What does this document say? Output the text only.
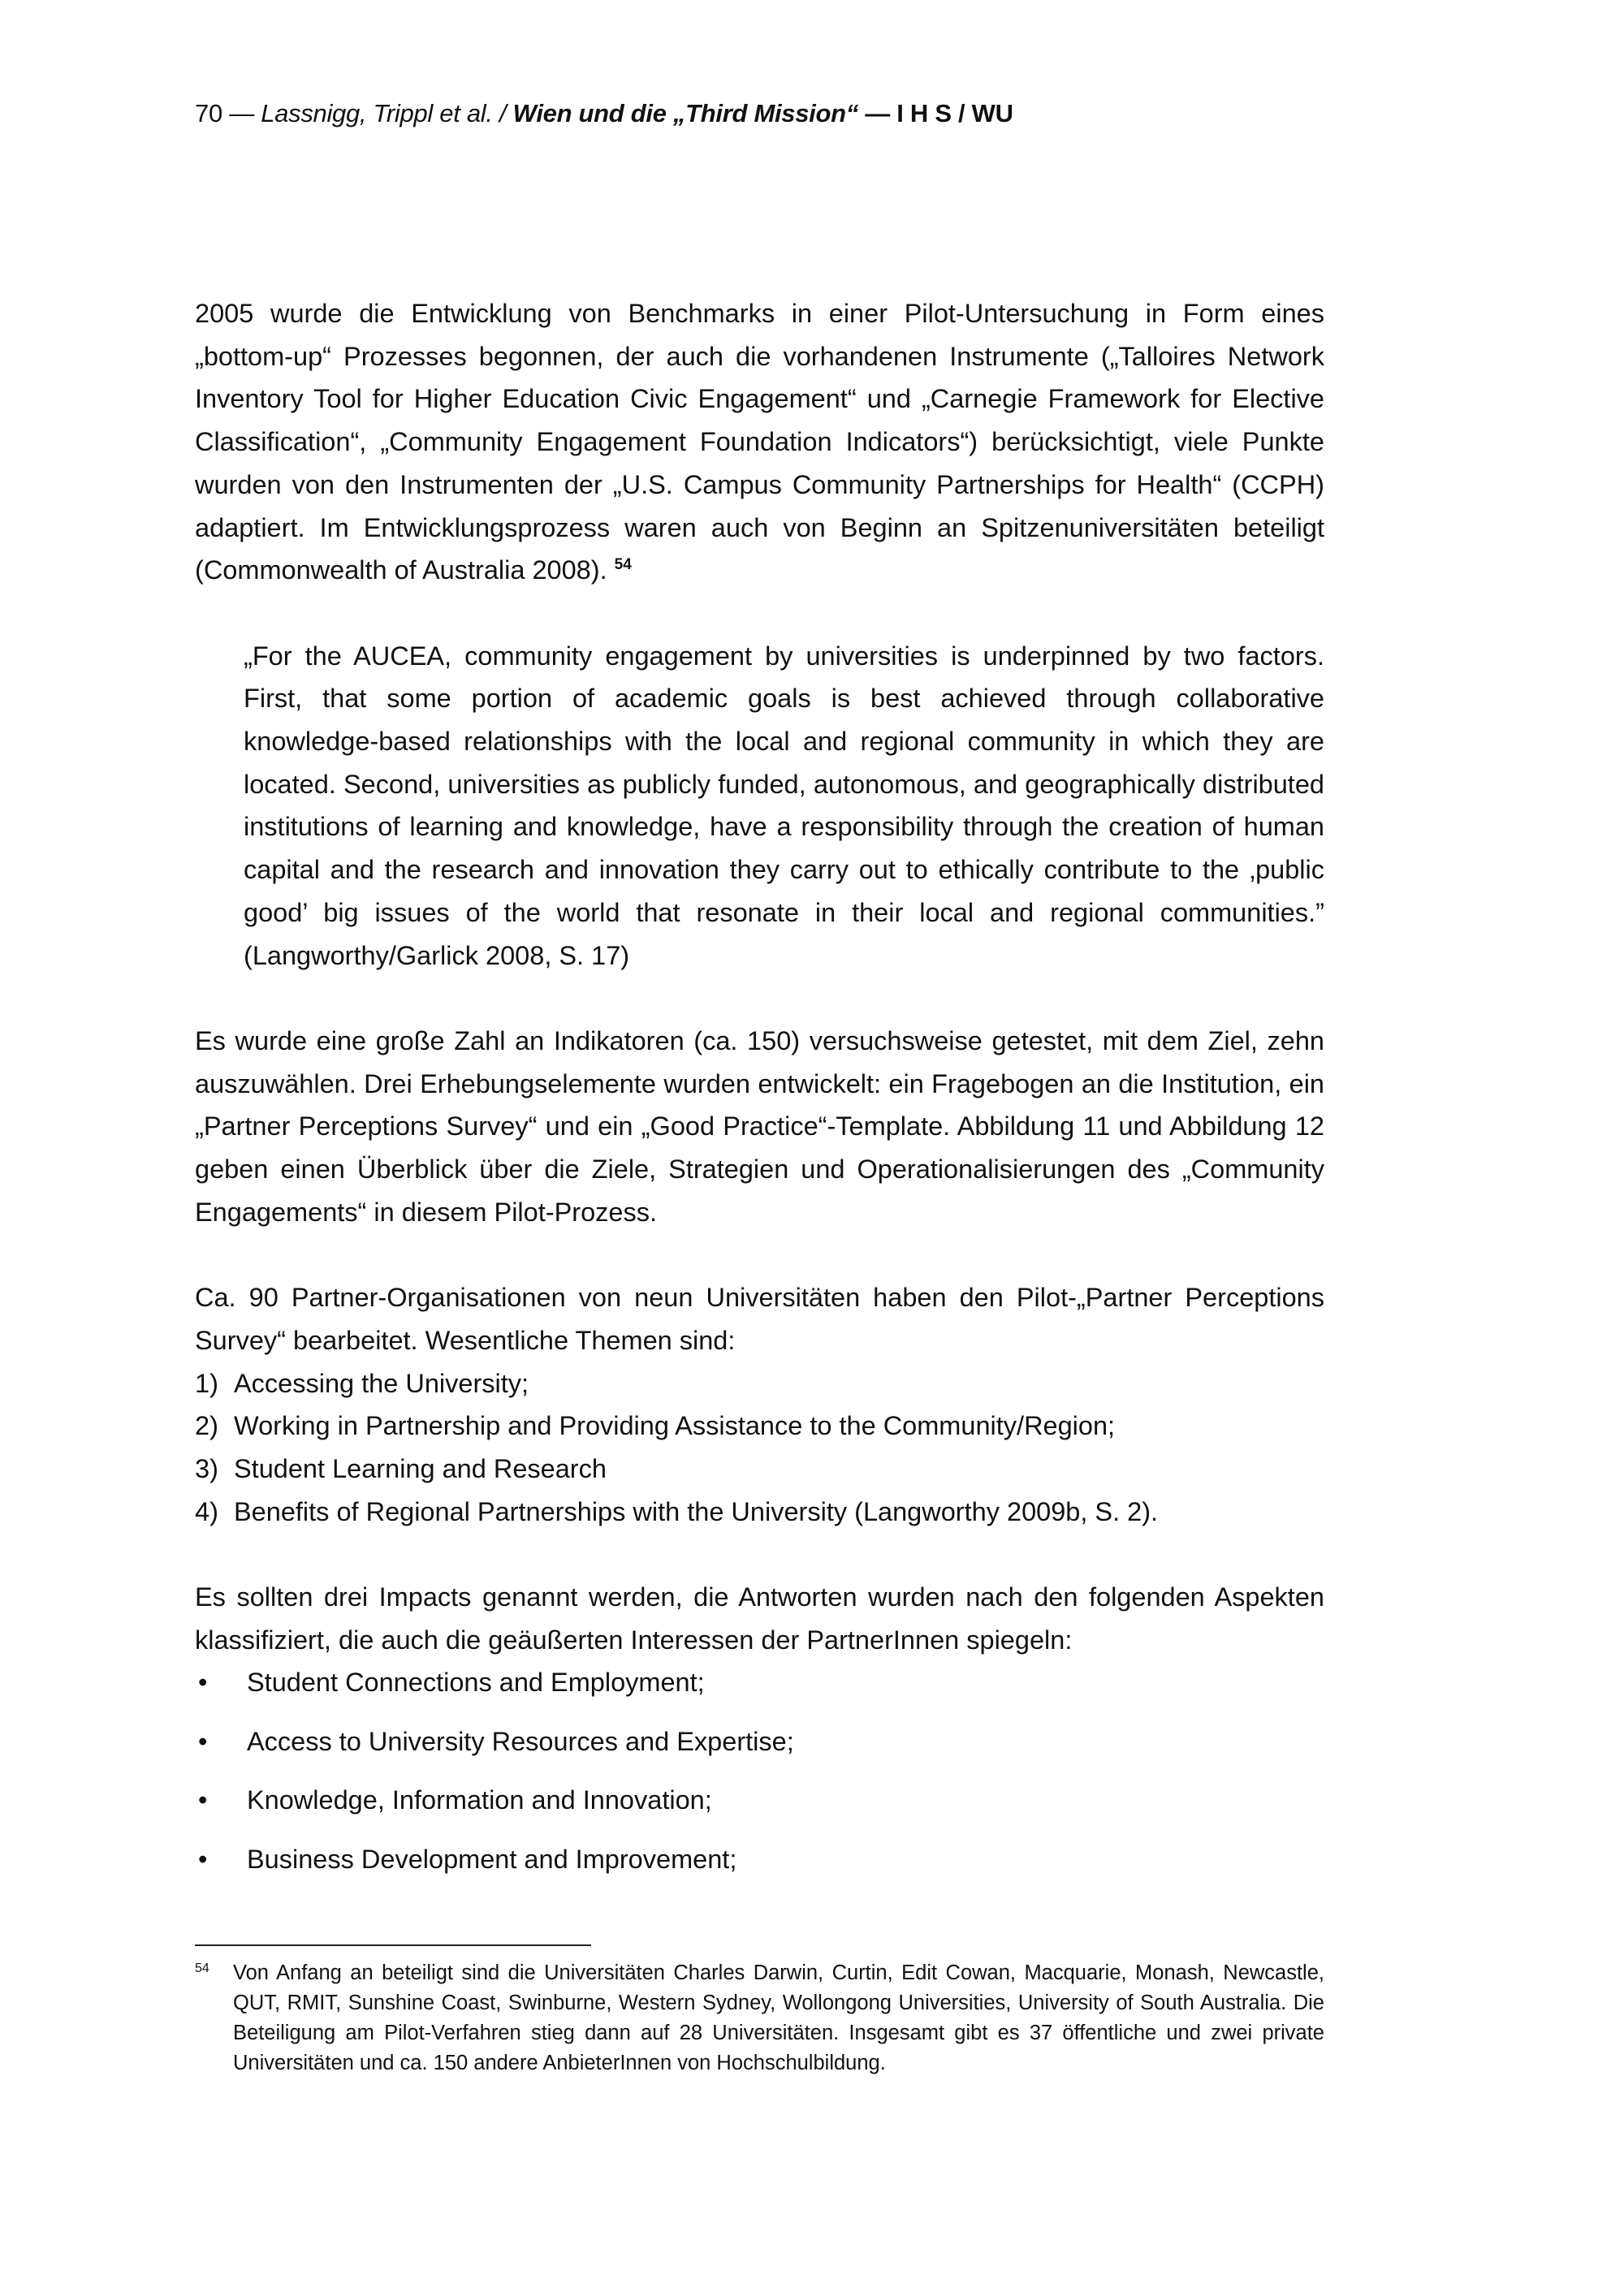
70 — Lassnigg, Trippl et al. / Wien und die „Third Mission“ — I H S / WU

2005 wurde die Entwicklung von Benchmarks in einer Pilot-Untersuchung in Form eines „bottom-up“ Prozesses begonnen, der auch die vorhandenen Instrumente („Talloires Network Inventory Tool for Higher Education Civic Engagement“ und „Carnegie Framework for Elective Classification“, „Community Engagement Foundation Indicators“) berücksichtigt, viele Punkte wurden von den Instrumenten der „U.S. Campus Community Partnerships for Health“ (CCPH) adaptiert. Im Entwicklungsprozess waren auch von Beginn an Spitzenuniversitäten beteiligt (Commonwealth of Australia 2008). $^{54}$

„For the AUCEA, community engagement by universities is underpinned by two factors. First, that some portion of academic goals is best achieved through collaborative knowledge-based relationships with the local and regional community in which they are located. Second, universities as publicly funded, autonomous, and geographically distributed institutions of learning and knowledge, have a responsibility through the creation of human capital and the research and innovation they carry out to ethically contribute to the ‚public good’ big issues of the world that resonate in their local and regional communities.” (Langworthy/Garlick 2008, S. 17)

Es wurde eine große Zahl an Indikatoren (ca. 150) versuchsweise getestet, mit dem Ziel, zehn auszuwählen. Drei Erhebungselemente wurden entwickelt: ein Fragebogen an die Institution, ein „Partner Perceptions Survey“ und ein „Good Practice“-Template. Abbildung 11 und Abbildung 12 geben einen Überblick über die Ziele, Strategien und Operationalisierungen des „Community Engagements“ in diesem Pilot-Prozess.

Ca. 90 Partner-Organisationen von neun Universitäten haben den Pilot-„Partner Perceptions Survey“ bearbeitet. Wesentliche Themen sind:

1) Accessing the University;
2) Working in Partnership and Providing Assistance to the Community/Region;
3) Student Learning and Research
4) Benefits of Regional Partnerships with the University (Langworthy 2009b, S. 2).

Es sollten drei Impacts genannt werden, die Antworten wurden nach den folgenden Aspekten klassifiziert, die auch die geäußerten Interessen der PartnerInnen spiegeln:

•	Student Connections and Employment;
•	Access to University Resources and Expertise;
•	Knowledge, Information and Innovation;
•	Business Development and Improvement;
54 Von Anfang an beteiligt sind die Universitäten Charles Darwin, Curtin, Edit Cowan, Macquarie, Monash, Newcastle, QUT, RMIT, Sunshine Coast, Swinburne, Western Sydney, Wollongong Universities, University of South Australia. Die Beteiligung am Pilot-Verfahren stieg dann auf 28 Universitäten. Insgesamt gibt es 37 öffentliche und zwei private Universitäten und ca. 150 andere AnbieterInnen von Hochschulbildung.
